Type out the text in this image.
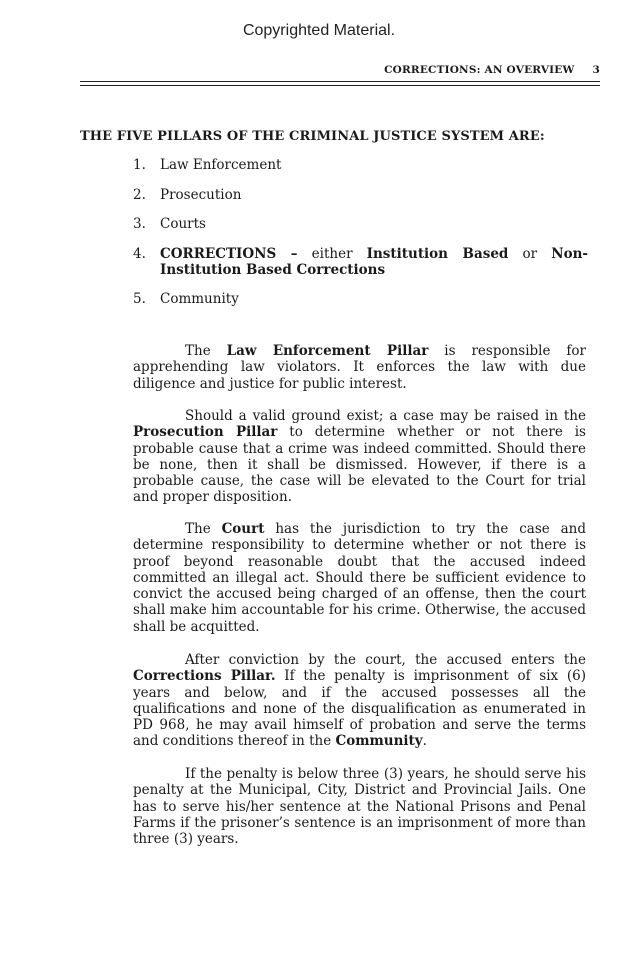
Copyrighted Material.
CORRECTIONS: AN OVERVIEW 3
THE FIVE PILLARS OF THE CRIMINAL JUSTICE SYSTEM ARE:
1. Law Enforcement
2. Prosecution
3. Courts
4. CORRECTIONS – either Institution Based or Non-Institution Based Corrections
5. Community

The Law Enforcement Pillar is responsible for apprehending law violators. It enforces the law with due diligence and justice for public interest.

Should a valid ground exist; a case may be raised in the Prosecution Pillar to determine whether or not there is probable cause that a crime was indeed committed. Should there be none, then it shall be dismissed. However, if there is a probable cause, the case will be elevated to the Court for trial and proper disposition.

The Court has the jurisdiction to try the case and determine responsibility to determine whether or not there is proof beyond reasonable doubt that the accused indeed committed an illegal act. Should there be sufficient evidence to convict the accused being charged of an offense, then the court shall make him accountable for his crime. Otherwise, the accused shall be acquitted.

After conviction by the court, the accused enters the Corrections Pillar. If the penalty is imprisonment of six (6) years and below, and if the accused possesses all the qualifications and none of the disqualification as enumerated in PD 968, he may avail himself of probation and serve the terms and conditions thereof in the Community.

If the penalty is below three (3) years, he should serve his penalty at the Municipal, City, District and Provincial Jails. One has to serve his/her sentence at the National Prisons and Penal Farms if the prisoner’s sentence is an imprisonment of more than three (3) years.
